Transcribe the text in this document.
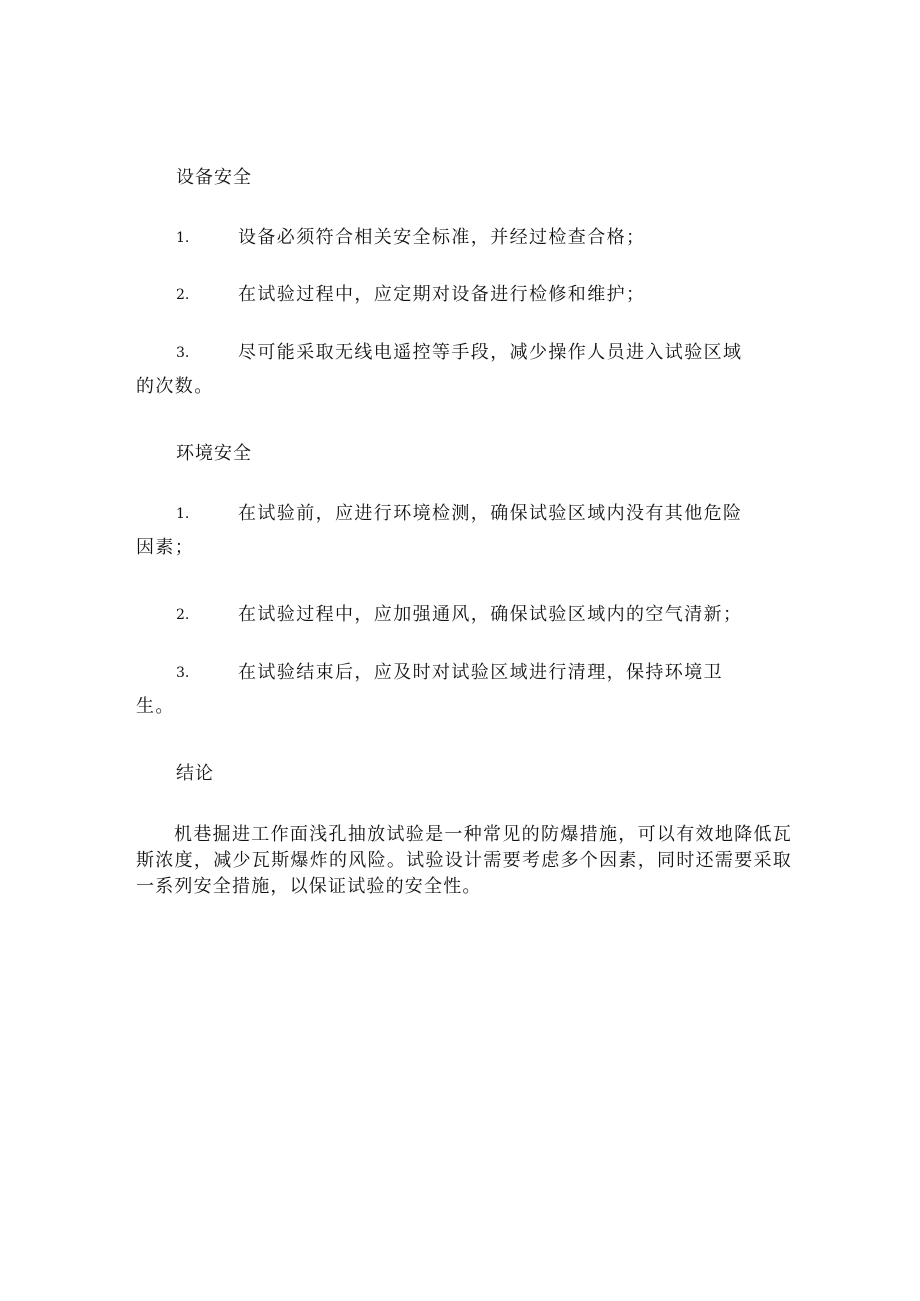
设备安全
1.	设备必须符合相关安全标准，并经过检查合格；

2.	在试验过程中，应定期对设备进行检修和维护；

3.	尽可能采取无线电遥控等手段，减少操作人员进入试验区域的次数。

环境安全
1.	在试验前，应进行环境检测，确保试验区域内没有其他危险因素；

2.	在试验过程中，应加强通风，确保试验区域内的空气清新；

3.	在试验结束后，应及时对试验区域进行清理，保持环境卫生。

结论

机巷掘进工作面浅孔抽放试验是一种常见的防爆措施，可以有效地降低瓦斯浓度，减少瓦斯爆炸的风险。试验设计需要考虑多个因素，同时还需要采取一系列安全措施，以保证试验的安全性。
